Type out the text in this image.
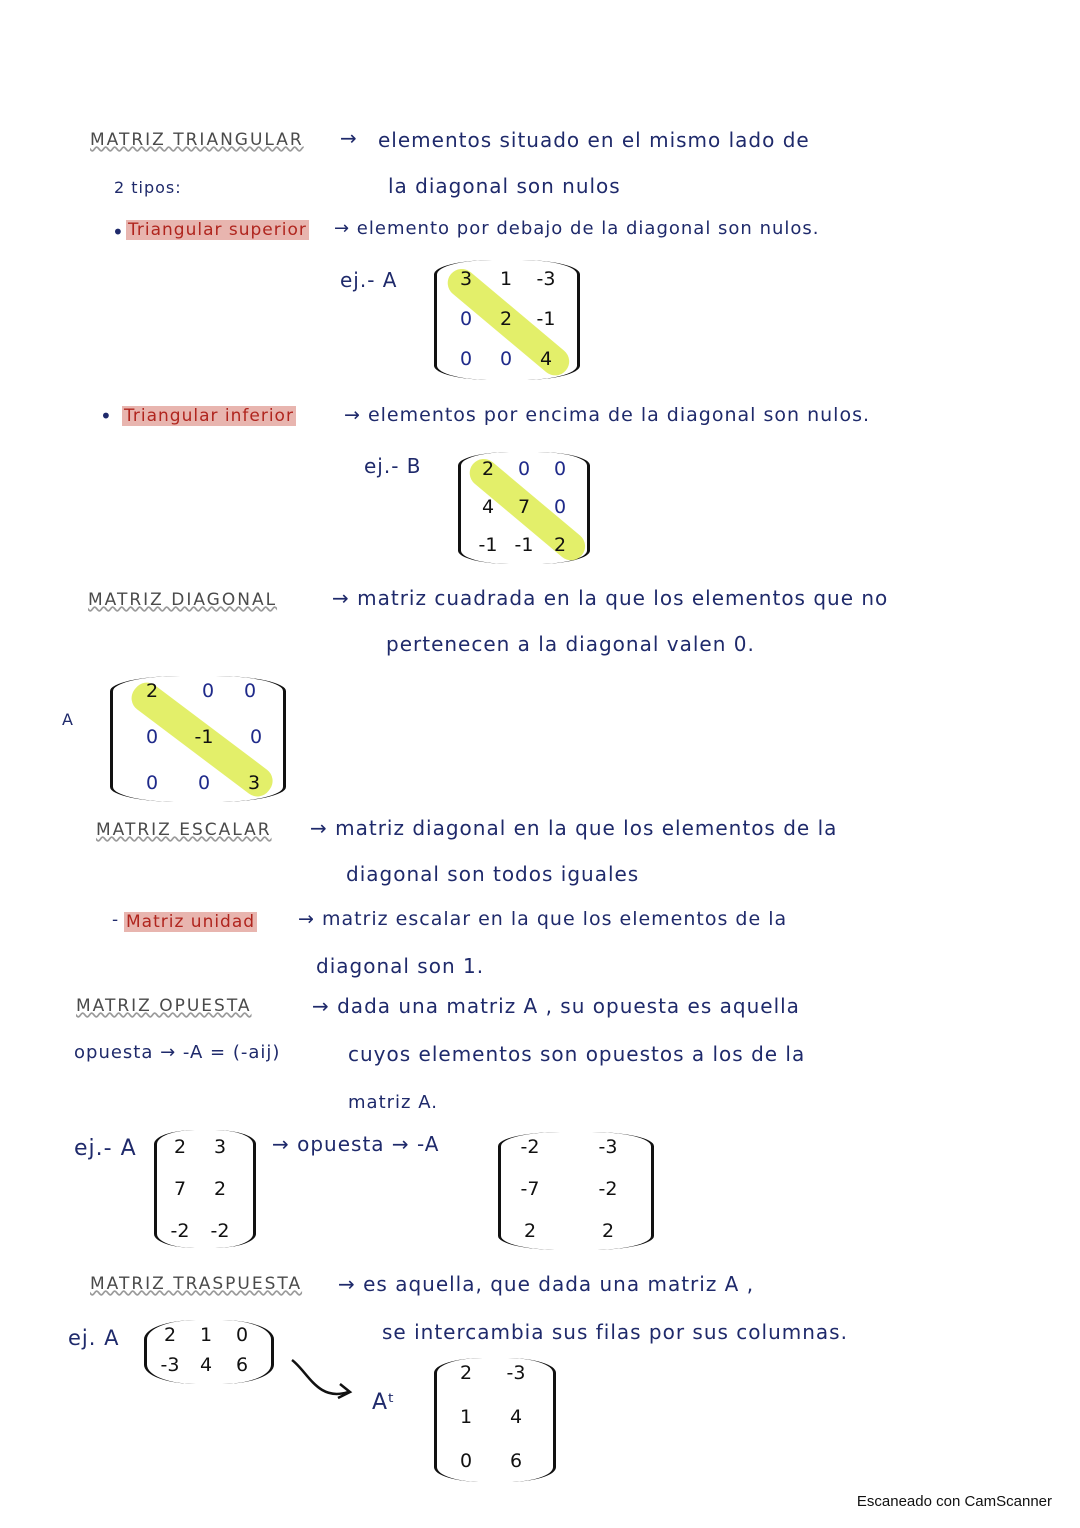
MATRIZ TRIANGULAR → elementos situado en el mismo lado de
la diagonal son nulos
2 tipos:
• Triangular superior → elemento por debajo de la diagonal son nulos.
ej.- A	3	1	-3
0	2	-1
0	0	4
• Triangular inferior	→ elementos por encima de la diagonal son nulos.
ej.- B	2	0	0
4	7	0
-1 -1	2
MATRIZ DIAGONAL	→ matriz cuadrada en la que los elementos que no
pertenecen a la diagonal valen 0.
A
2	0	0
0	-1	0
0	0	3
MATRIZ ESCALAR → matriz diagonal en la que los elementos de la
diagonal son todos iguales
- Matriz unidad → matriz escalar en la que los elementos de la
diagonal son 1.
MATRIZ OPUESTA	→ dada una matriz A , su opuesta es aquella
opuesta → -A = (-aij)	cuyos elementos son opuestos a los de la
matriz A.
ej.- A	2	3
7	2
-2	-2
→ opuesta → -A	-2	-3
-7	-2
2	2
MATRIZ TRASPUESTA → es aquella, que dada una matriz A ,
se intercambia sus filas por sus columnas.
ej. A	2	1	0
-3	4	6
Aᵗ
2	-3
1	4
0	6
Escaneado con CamScanner
